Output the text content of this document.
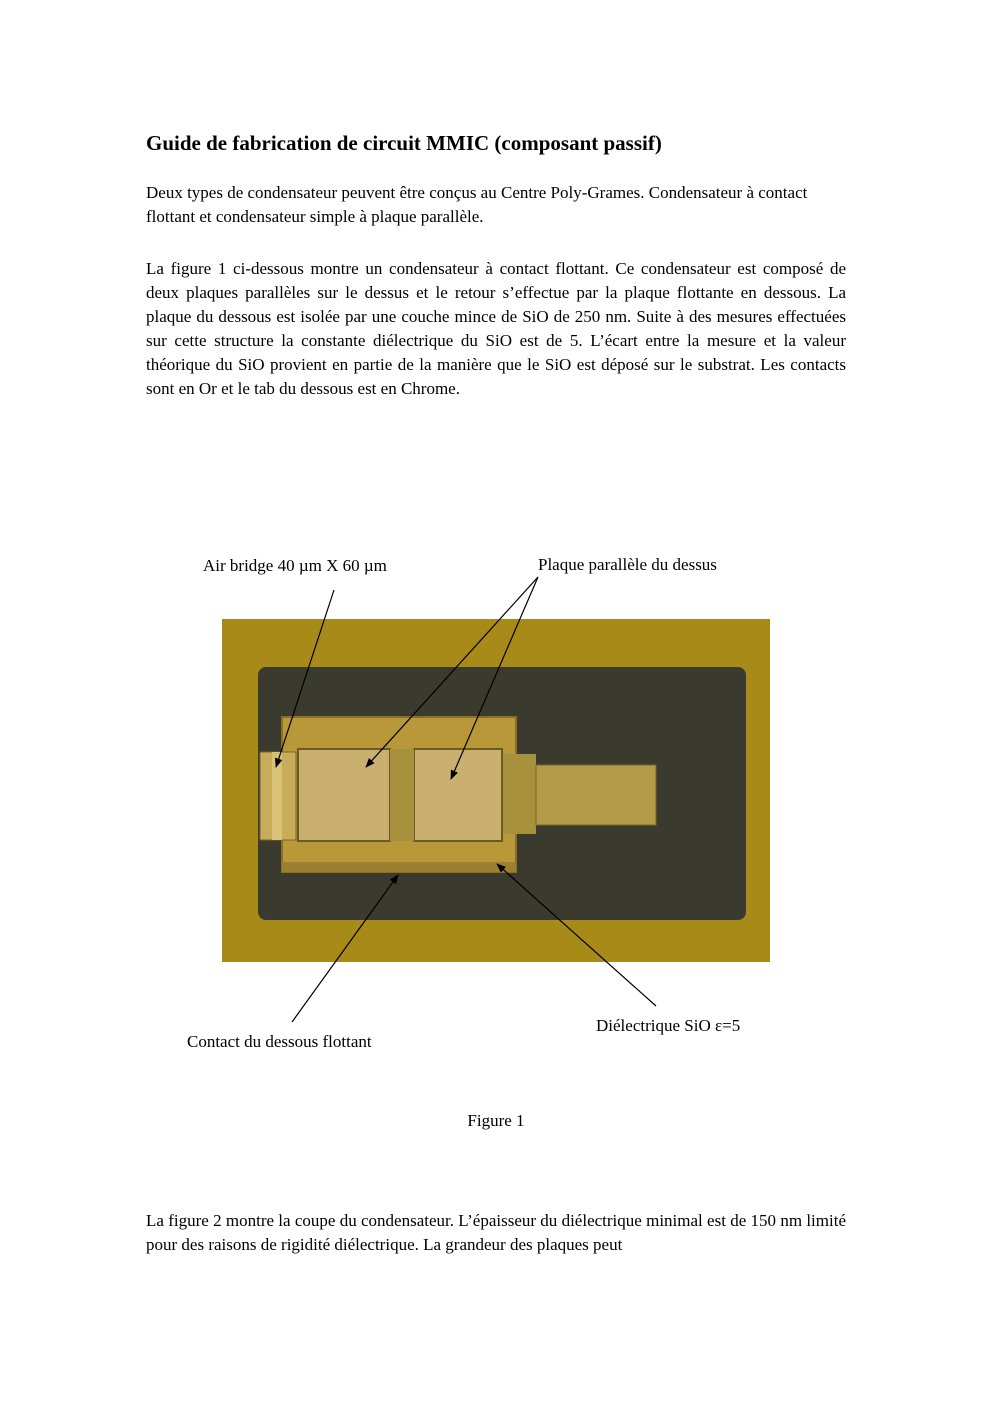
Guide de fabrication de circuit MMIC (composant passif)

Deux types de condensateur peuvent être conçus au Centre Poly-Grames. Condensateur à contact flottant et condensateur simple à plaque parallèle.

La figure 1 ci-dessous montre un condensateur à contact flottant. Ce condensateur est composé de deux plaques parallèles sur le dessus et le retour s’effectue par la plaque flottante en dessous. La plaque du dessous est isolée par une couche mince de SiO de 250 nm. Suite à des mesures effectuées sur cette structure la constante diélectrique du SiO est de 5. L’écart entre la mesure et la valeur théorique du SiO provient en partie de la manière que le SiO est déposé sur le substrat. Les contacts sont en Or et le tab du dessous est en Chrome.

Air bridge 40 µm X 60 µm	Plaque parallèle du dessus
Diélectrique SiO ε=5
Contact du dessous flottant
Figure 1

La figure 2 montre la coupe du condensateur. L’épaisseur du diélectrique minimal est de 150 nm limité pour des raisons de rigidité diélectrique. La grandeur des plaques peut
